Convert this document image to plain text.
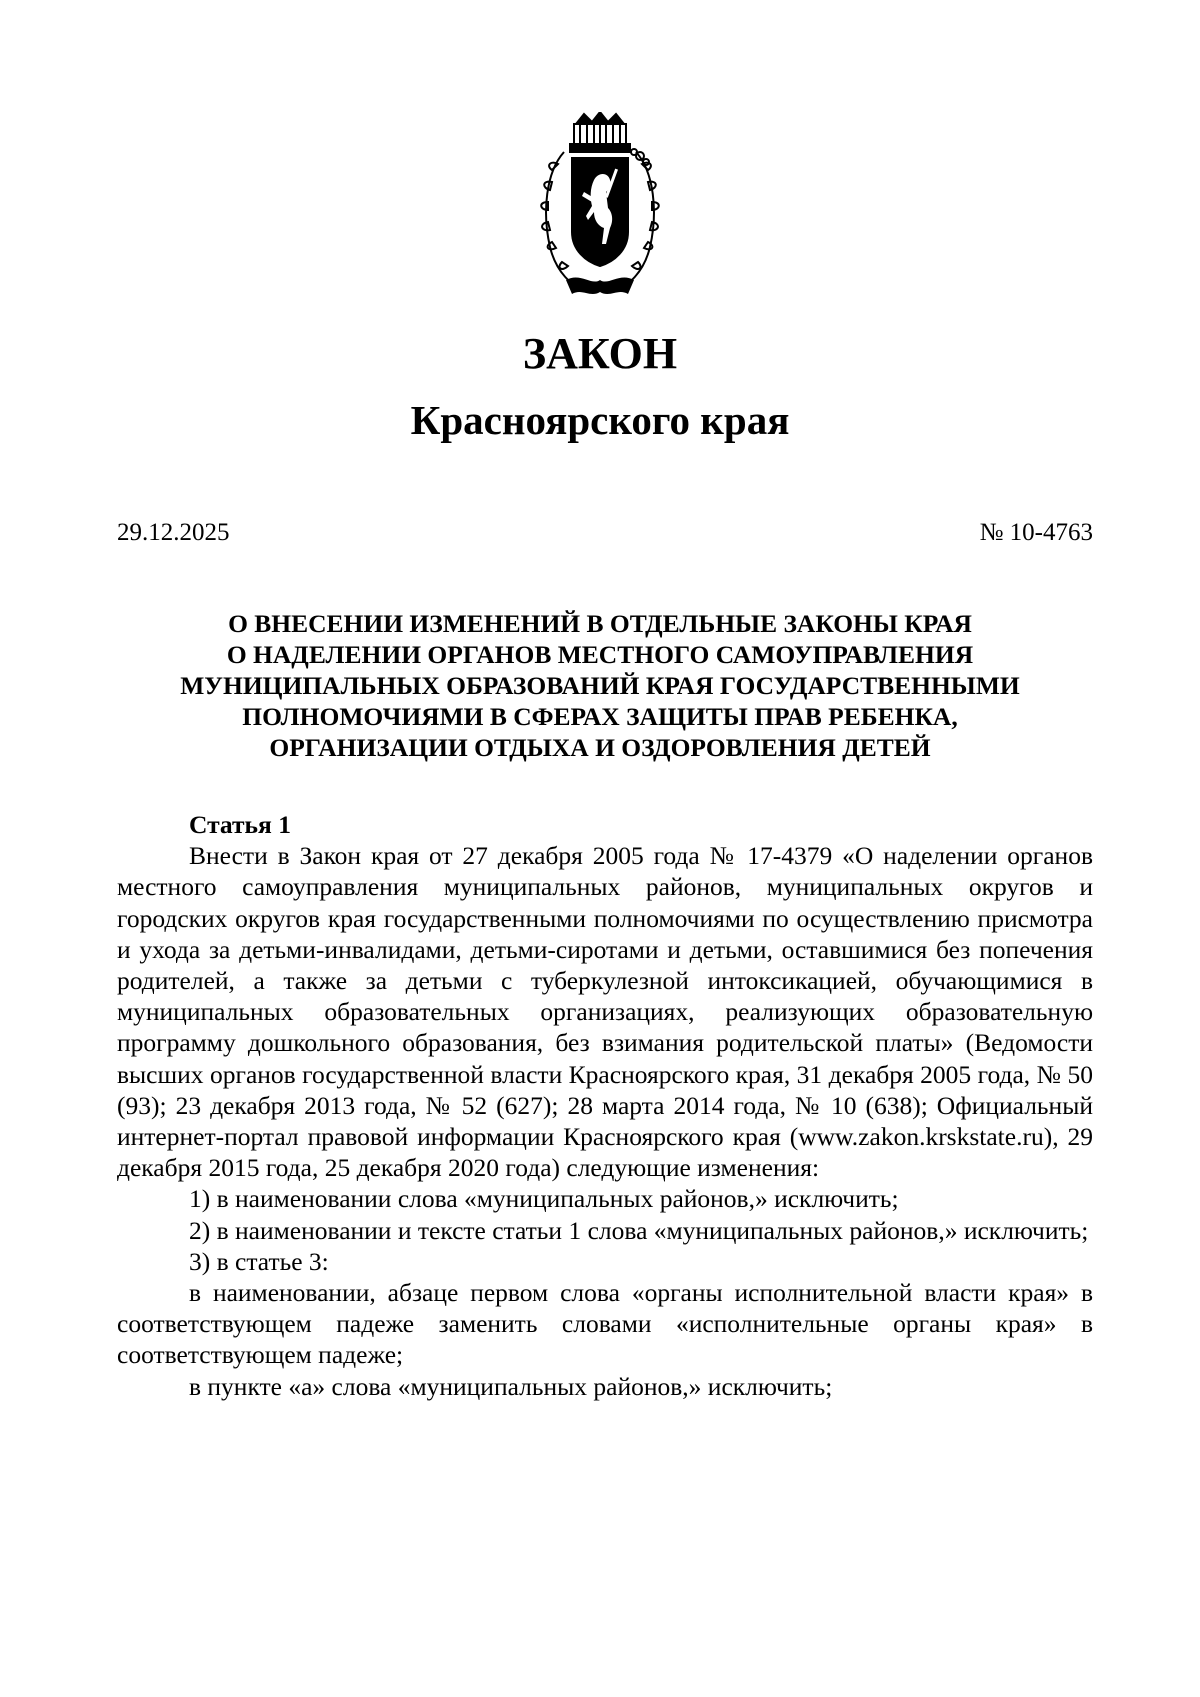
ЗАКОН
Красноярского края
29.12.2025	№ 10-4763
О ВНЕСЕНИИ ИЗМЕНЕНИЙ В ОТДЕЛЬНЫЕ ЗАКОНЫ КРАЯ
О НАДЕЛЕНИИ ОРГАНОВ МЕСТНОГО САМОУПРАВЛЕНИЯ
МУНИЦИПАЛЬНЫХ ОБРАЗОВАНИЙ КРАЯ ГОСУДАРСТВЕННЫМИ
ПОЛНОМОЧИЯМИ В СФЕРАХ ЗАЩИТЫ ПРАВ РЕБЕНКА,
ОРГАНИЗАЦИИ ОТДЫХА И ОЗДОРОВЛЕНИЯ ДЕТЕЙ

Статья 1

Внести в Закон края от 27 декабря 2005 года № 17-4379 «О наделении органов местного самоуправления муниципальных районов, муниципальных округов и городских округов края государственными полномочиями по осуществлению присмотра и ухода за детьми-инвалидами, детьми-сиротами и детьми, оставшимися без попечения родителей, а также за детьми с туберкулезной интоксикацией, обучающимися в муниципальных образовательных организациях, реализующих образовательную программу дошкольного образования, без взимания родительской платы» (Ведомости высших органов государственной власти Красноярского края, 31 декабря 2005 года, № 50 (93); 23 декабря 2013 года, № 52 (627); 28 марта 2014 года, № 10 (638); Официальный интернет-портал правовой информации Красноярского края (www.zakon.krskstate.ru), 29 декабря 2015 года, 25 декабря 2020 года) следующие изменения:

1) в наименовании слова «муниципальных районов,» исключить;

2) в наименовании и тексте статьи 1 слова «муниципальных районов,» исключить;

3) в статье 3:

в наименовании, абзаце первом слова «органы исполнительной власти края» в соответствующем падеже заменить словами «исполнительные органы края» в соответствующем падеже;

в пункте «а» слова «муниципальных районов,» исключить;
